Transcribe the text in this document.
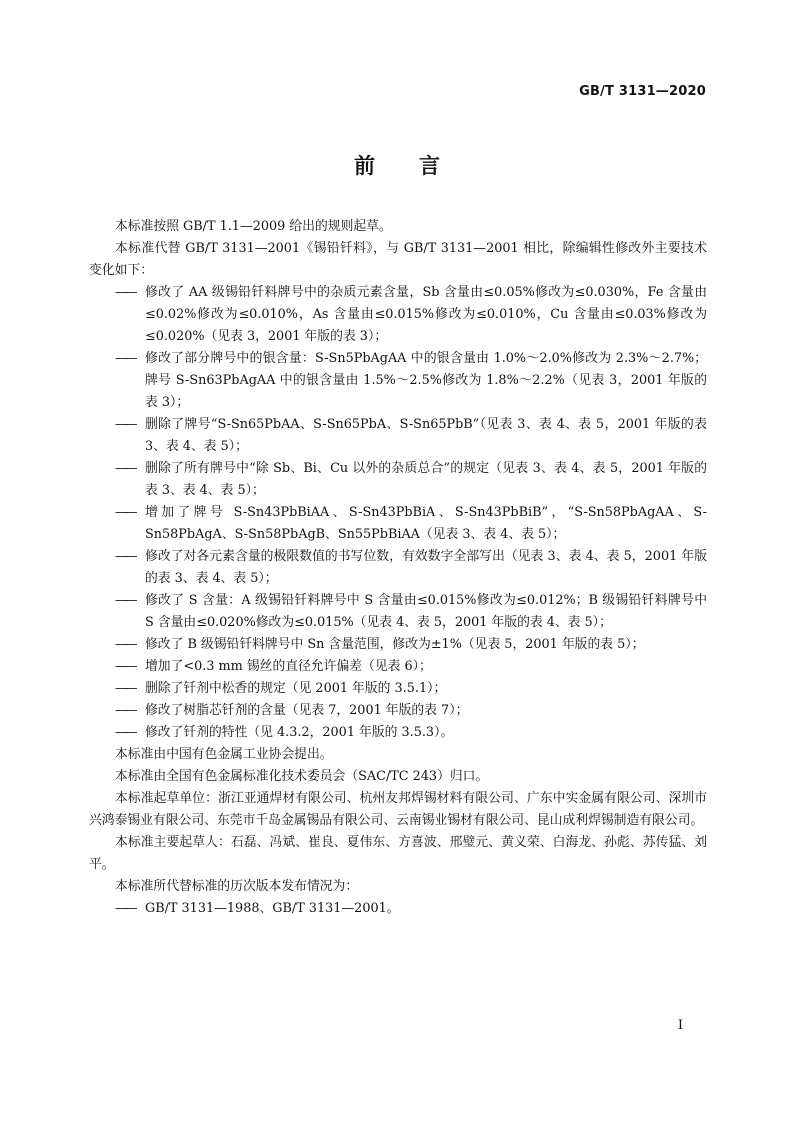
GB/T 3131—2020
前言

本标准按照 GB/T 1.1—2009 给出的规则起草。

本标准代替 GB/T 3131—2001《锡铅钎料》，与 GB/T 3131—2001 相比，除编辑性修改外主要技术变化如下：

—— 修改了 AA 级锡铅钎料牌号中的杂质元素含量，Sb 含量由≤0.05%修改为≤0.030%，Fe 含量由≤0.02%修改为≤0.010%，As 含量由≤0.015%修改为≤0.010%，Cu 含量由≤0.03%修改为≤0.020%（见表 3，2001 年版的表 3）；

—— 修改了部分牌号中的银含量：S-Sn5PbAgAA 中的银含量由 1.0%～2.0%修改为 2.3%～2.7%；牌号 S-Sn63PbAgAA 中的银含量由 1.5%～2.5%修改为 1.8%～2.2%（见表 3，2001 年版的表 3）；

—— 删除了牌号“S-Sn65PbAA、S-Sn65PbA、S-Sn65PbB”（见表 3、表 4、表 5，2001 年版的表 3、表 4、表 5）；

—— 删除了所有牌号中“除 Sb、Bi、Cu 以外的杂质总合”的规定（见表 3、表 4、表 5，2001 年版的表 3、表 4、表 5）；

—— 增加了牌号 S-Sn43PbBiAA、S-Sn43PbBiA、S-Sn43PbBiB”，“S-Sn58PbAgAA、S-Sn58PbAgA、S-Sn58PbAgB、Sn55PbBiAA（见表 3、表 4、表 5）；

—— 修改了对各元素含量的极限数值的书写位数，有效数字全部写出（见表 3、表 4、表 5，2001 年版的表 3、表 4、表 5）；

—— 修改了 S 含量：A 级锡铅钎料牌号中 S 含量由≤0.015%修改为≤0.012%；B 级锡铅钎料牌号中 S 含量由≤0.020%修改为≤0.015%（见表 4、表 5，2001 年版的表 4、表 5）；

—— 修改了 B 级锡铅钎料牌号中 Sn 含量范围，修改为±1%（见表 5，2001 年版的表 5）；

—— 增加了<0.3 mm 锡丝的直径允许偏差（见表 6）；

—— 删除了钎剂中松香的规定（见 2001 年版的 3.5.1）；

—— 修改了树脂芯钎剂的含量（见表 7，2001 年版的表 7）；

—— 修改了钎剂的特性（见 4.3.2，2001 年版的 3.5.3）。

本标准由中国有色金属工业协会提出。

本标准由全国有色金属标准化技术委员会（SAC/TC 243）归口。

本标准起草单位：浙江亚通焊材有限公司、杭州友邦焊锡材料有限公司、广东中实金属有限公司、深圳市兴鸿泰锡业有限公司、东莞市千岛金属锡品有限公司、云南锡业锡材有限公司、昆山成利焊锡制造有限公司。

本标准主要起草人：石磊、冯斌、崔良、夏伟东、方喜波、邢璧元、黄义荣、白海龙、孙彪、苏传猛、刘平。

本标准所代替标准的历次版本发布情况为：

—— GB/T 3131—1988、GB/T 3131—2001。

I
